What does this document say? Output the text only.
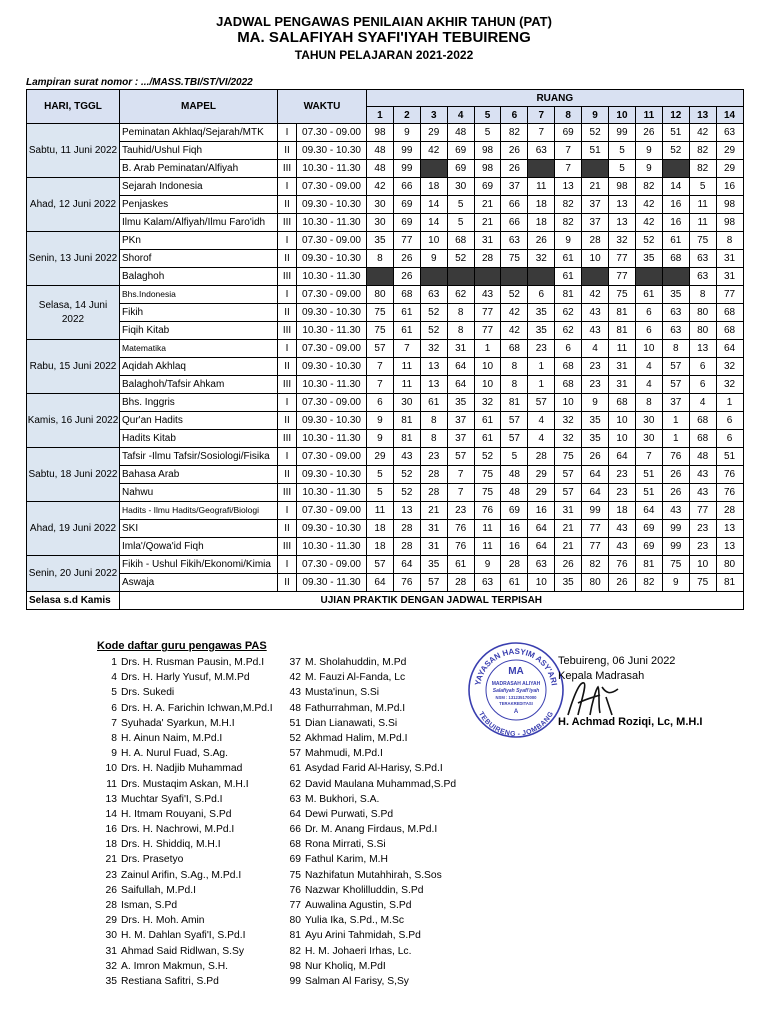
JADWAL PENGAWAS PENILAIAN AKHIR TAHUN (PAT)
MA. SALAFIYAH SYAFI'IYAH TEBUIRENG
TAHUN PELAJARAN 2021-2022
Lampiran surat nomor : .../MASS.TBI/ST/VI/2022
HARI, TGGL	MAPEL	WAKTU		RUANG													
				1	2	3	4	5	6	7	8	9	10	11	12	13	14
Sabtu, 11 Juni 2022	Peminatan Akhlaq/Sejarah/MTK	I	07.30 - 09.00	98	9	29	48	5	82	7	69	52	99	26	51	42	63
	Tauhid/Ushul Fiqh	II	09.30 - 10.30	48	99	42	69	98	26	63	7	51	5	9	52	82	29
	B. Arab Peminatan/Alfiyah	III	10.30 - 11.30	48	99		69	98	26		7		5	9		82	29
Ahad, 12 Juni 2022	Sejarah Indonesia	I	07.30 - 09.00	42	66	18	30	69	37	11	13	21	98	82	14	5	16
	Penjaskes	II	09.30 - 10.30	30	69	14	5	21	66	18	82	37	13	42	16	11	98
	Ilmu Kalam/Alfiyah/Ilmu Faro'idh	III	10.30 - 11.30	30	69	14	5	21	66	18	82	37	13	42	16	11	98
Senin, 13 Juni 2022	PKn	I	07.30 - 09.00	35	77	10	68	31	63	26	9	28	32	52	61	75	8
	Shorof	II	09.30 - 10.30	8	26	9	52	28	75	32	61	10	77	35	68	63	31
	Balaghoh	III	10.30 - 11.30		26						61		77			63	31
Selasa, 14 Juni 2022	Bhs.Indonesia	I	07.30 - 09.00	80	68	63	62	43	52	6	81	42	75	61	35	8	77
	Fikih	II	09.30 - 10.30	75	61	52	8	77	42	35	62	43	81	6	63	80	68
	Fiqih Kitab	III	10.30 - 11.30	75	61	52	8	77	42	35	62	43	81	6	63	80	68
Rabu, 15 Juni 2022	Matematika	I	07.30 - 09.00	57	7	32	31	1	68	23	6	4	11	10	8	13	64
	Aqidah Akhlaq	II	09.30 - 10.30	7	11	13	64	10	8	1	68	23	31	4	57	6	32
	Balaghoh/Tafsir Ahkam	III	10.30 - 11.30	7	11	13	64	10	8	1	68	23	31	4	57	6	32
Kamis, 16 Juni 2022	Bhs. Inggris	I	07.30 - 09.00	6	30	61	35	32	81	57	10	9	68	8	37	4	1
	Qur'an Hadits	II	09.30 - 10.30	9	81	8	37	61	57	4	32	35	10	30	1	68	6
	Hadits Kitab	III	10.30 - 11.30	9	81	8	37	61	57	4	32	35	10	30	1	68	6
Sabtu, 18 Juni 2022	Tafsir -Ilmu Tafsir/Sosiologi/Fisika	I	07.30 - 09.00	29	43	23	57	52	5	28	75	26	64	7	76	48	51
	Bahasa Arab	II	09.30 - 10.30	5	52	28	7	75	48	29	57	64	23	51	26	43	76
	Nahwu	III	10.30 - 11.30	5	52	28	7	75	48	29	57	64	23	51	26	43	76
Ahad, 19 Juni 2022	Hadits - Ilmu Hadits/Geografi/Biologi	I	07.30 - 09.00	11	13	21	23	76	69	16	31	99	18	64	43	77	28
	SKI	II	09.30 - 10.30	18	28	31	76	11	16	64	21	77	43	69	99	23	13
	Imla'/Qowa'id Fiqh	III	10.30 - 11.30	18	28	31	76	11	16	64	21	77	43	69	99	23	13
Senin, 20 Juni 2022	Fikih - Ushul Fikih/Ekonomi/Kimia	I	07.30 - 09.00	57	64	35	61	9	28	63	26	82	76	81	75	10	80
	Aswaja	II	09.30 - 11.30	64	76	57	28	63	61	10	35	80	26	82	9	75	81
Selasa s.d Kamis	UJIAN PRAKTIK DENGAN JADWAL TERPISAH																
Kode daftar guru pengawas PAS
1 Drs. H. Rusman Pausin, M.Pd.I
4 Drs. H. Harly Yusuf, M.M.Pd
5 Drs. Sukedi
6 Drs. H. A. Farichin Ichwan,M.Pd.I
7 Syuhada' Syarkun, M.H.I
8 H. Ainun Naim, M.Pd.I
9 H. A. Nurul Fuad, S.Ag.
10 Drs. H. Nadjib Muhammad
11 Drs. Mustaqim Askan, M.H.I
13 Muchtar Syafi'I, S.Pd.I
14 H. Itmam Rouyani, S.Pd
16 Drs. H. Nachrowi, M.Pd.I
18 Drs. H. Shiddiq, M.H.I
21 Drs. Prasetyo
23 Zainul Arifin, S.Ag., M.Pd.I
26 Saifullah, M.Pd.I
28 Isman, S.Pd
29 Drs. H. Moh. Amin
30 H. M. Dahlan Syafi'I, S.Pd.I
31 Ahmad Said Ridlwan, S.Sy
32 A. Imron Makmun, S.H.
35 Restiana Safitri, S.Pd
37 M. Sholahuddin, M.Pd
42 M. Fauzi Al-Fanda, Lc
43 Musta'inun, S.Si
48 Fathurrahman, M.Pd.I
51 Dian Lianawati, S.Si
52 Akhmad Halim, M.Pd.I
57 Mahmudi, M.Pd.I
61 Asydad Farid Al-Harisy, S.Pd.I
62 David Maulana Muhammad,S.Pd
63 M. Bukhori, S.A.
64 Dewi Purwati, S.Pd
66 Dr. M. Anang Firdaus, M.Pd.I
68 Rona Mirrati, S.Si
69 Fathul Karim, M.H
75 Nazhifatun Mutahhirah, S.Sos
76 Nazwar Kholilluddin, S.Pd
77 Auwalina Agustin, S.Pd
80 Yulia Ika, S.Pd., M.Sc
81 Ayu Arini Tahmidah, S.Pd
82 H. M. Johaeri Irhas, Lc.
98 Nur Kholiq, M.PdI
99 Salman Al Farisy, S,Sy
YAYASAN HASYIM ASY'ARI
TEBUIRENG - JOMBANG
MA
MADRASAH ALIYAH
Salafiyah Syafi'iyah
NSM : 131235170000
TERAKREDITASI
A
Tebuireng, 06 Juni 2022
Kepala Madrasah
H. Achmad Roziqi, Lc, M.H.I
